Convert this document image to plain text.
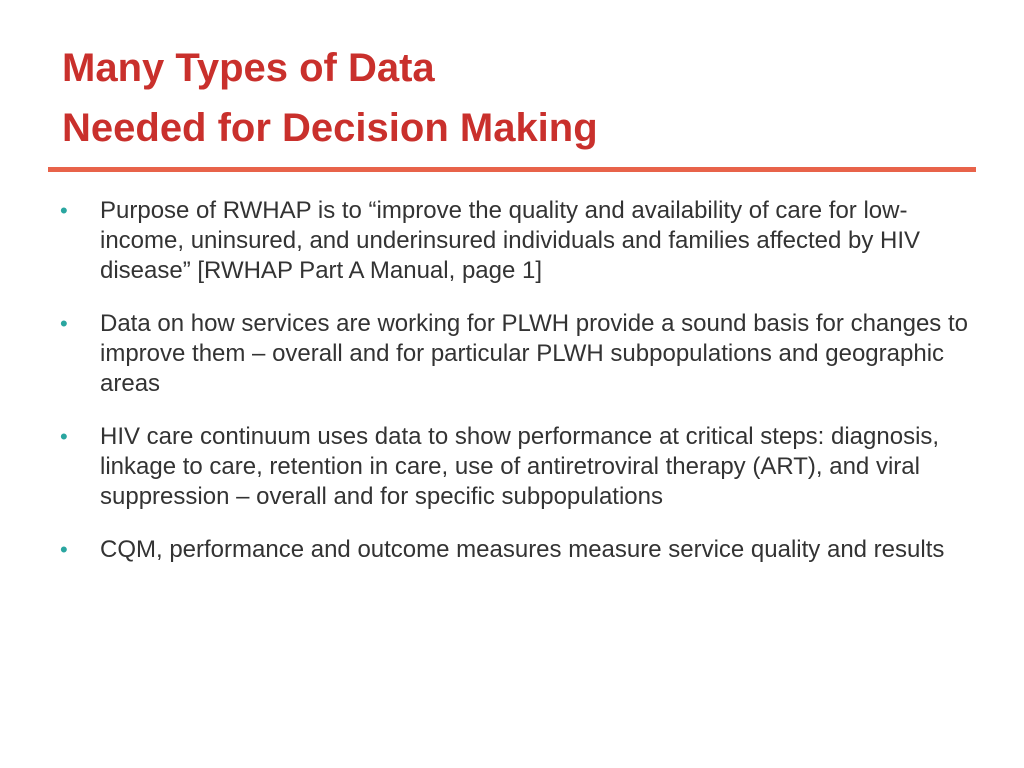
Many Types of Data
Needed for Decision Making
• Purpose of RWHAP is to “improve the quality and availability of care for low-income, uninsured, and underinsured individuals and families affected by HIV disease” [RWHAP Part A Manual, page 1]
• Data on how services are working for PLWH provide a sound basis for changes to improve them – overall and for particular PLWH subpopulations and geographic areas
• HIV care continuum uses data to show performance at critical steps: diagnosis, linkage to care, retention in care, use of antiretroviral therapy (ART), and viral suppression – overall and for specific subpopulations
• CQM, performance and outcome measures measure service quality and results
